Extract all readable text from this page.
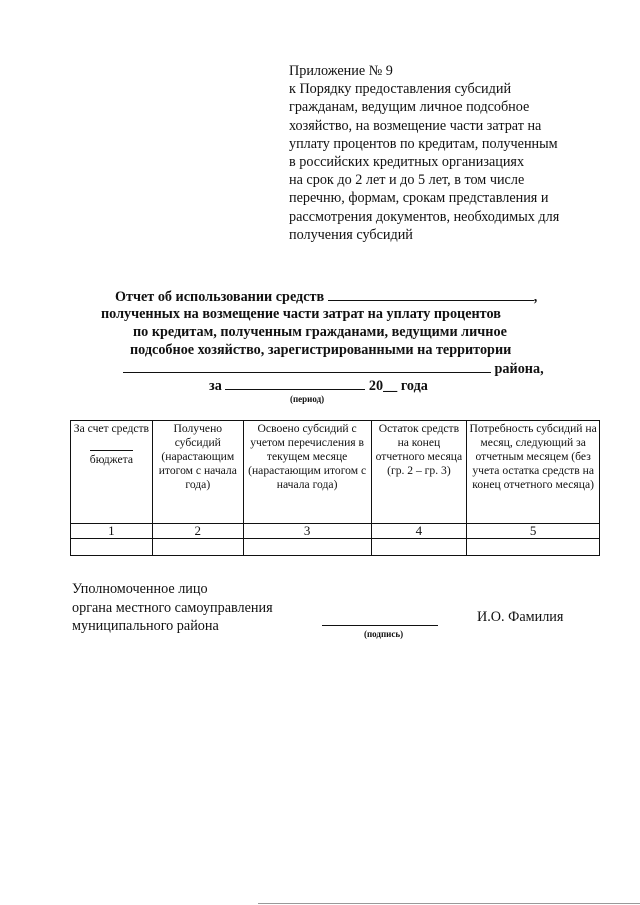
Приложение № 9
к Порядку предоставления субсидий
гражданам, ведущим личное подсобное
хозяйство, на возмещение части затрат на
уплату процентов по кредитам, полученным
в российских кредитных организациях
на срок до 2 лет и до 5 лет, в том числе
перечню, формам, срокам представления и
рассмотрения документов, необходимых для
получения субсидий
Отчет об использовании средств	,
полученных на возмещение части затрат на уплату процентов
по кредитам, полученным гражданами, ведущими личное
подсобное хозяйство, зарегистрированными на территории
района,
за	20__ года
(период)
За счет средств
бюджета	Получено субсидий (нарастающим итогом с начала года)	Освоено субсидий с учетом перечисления в текущем месяце (нарастающим итогом с начала года)	Остаток средств на конец отчетного месяца (гр. 2 – гр. 3)	Потребность субсидий на месяц, следующий за отчетным месяцем (без учета остатка средств на конец отчетного месяца)
1	2	3	4	5

Уполномоченное лицо
органа местного самоуправления
муниципального района	(подпись)
И.О. Фамилия
